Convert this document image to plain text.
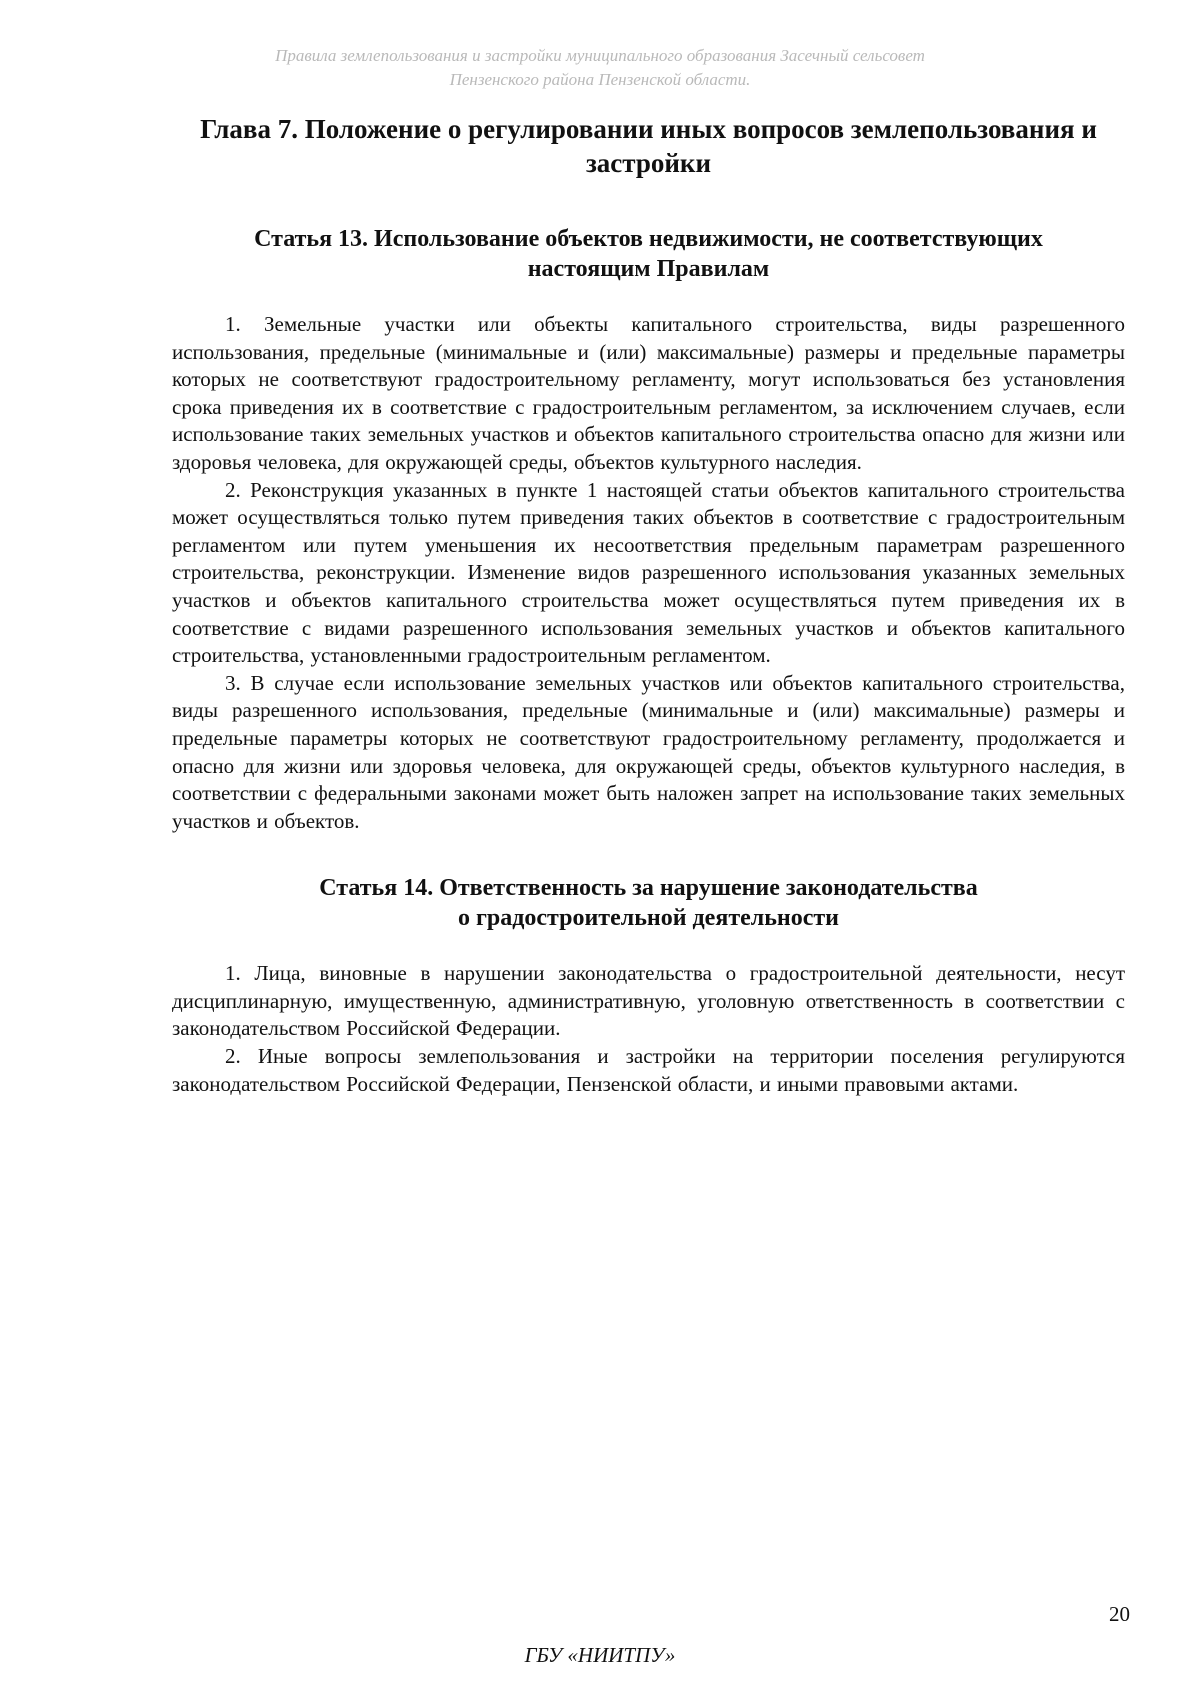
Правила землепользования и застройки муниципального образования Засечный сельсовет
Пензенского района Пензенской области.
Глава 7. Положение о регулировании иных вопросов землепользования и застройки
Статья 13. Использование объектов недвижимости, не соответствующих
настоящим Правилам

1. Земельные участки или объекты капитального строительства, виды разрешенного использования, предельные (минимальные и (или) максимальные) размеры и предельные параметры которых не соответствуют градостроительному регламенту, могут использоваться без установления срока приведения их в соответствие с градостроительным регламентом, за исключением случаев, если использование таких земельных участков и объектов капитального строительства опасно для жизни или здоровья человека, для окружающей среды, объектов культурного наследия.

2. Реконструкция указанных в пункте 1 настоящей статьи объектов капитального строительства может осуществляться только путем приведения таких объектов в соответствие с градостроительным регламентом или путем уменьшения их несоответствия предельным параметрам разрешенного строительства, реконструкции. Изменение видов разрешенного использования указанных земельных участков и объектов капитального строительства может осуществляться путем приведения их в соответствие с видами разрешенного использования земельных участков и объектов капитального строительства, установленными градостроительным регламентом.

3. В случае если использование земельных участков или объектов капитального строительства, виды разрешенного использования, предельные (минимальные и (или) максимальные) размеры и предельные параметры которых не соответствуют градостроительному регламенту, продолжается и опасно для жизни или здоровья человека, для окружающей среды, объектов культурного наследия, в соответствии с федеральными законами может быть наложен запрет на использование таких земельных участков и объектов.

Статья 14. Ответственность за нарушение законодательства
о градостроительной деятельности

1. Лица, виновные в нарушении законодательства о градостроительной деятельности, несут дисциплинарную, имущественную, административную, уголовную ответственность в соответствии с законодательством Российской Федерации.

2. Иные вопросы землепользования и застройки на территории поселения регулируются законодательством Российской Федерации, Пензенской области, и иными правовыми актами.

20
ГБУ «НИИТПУ»
